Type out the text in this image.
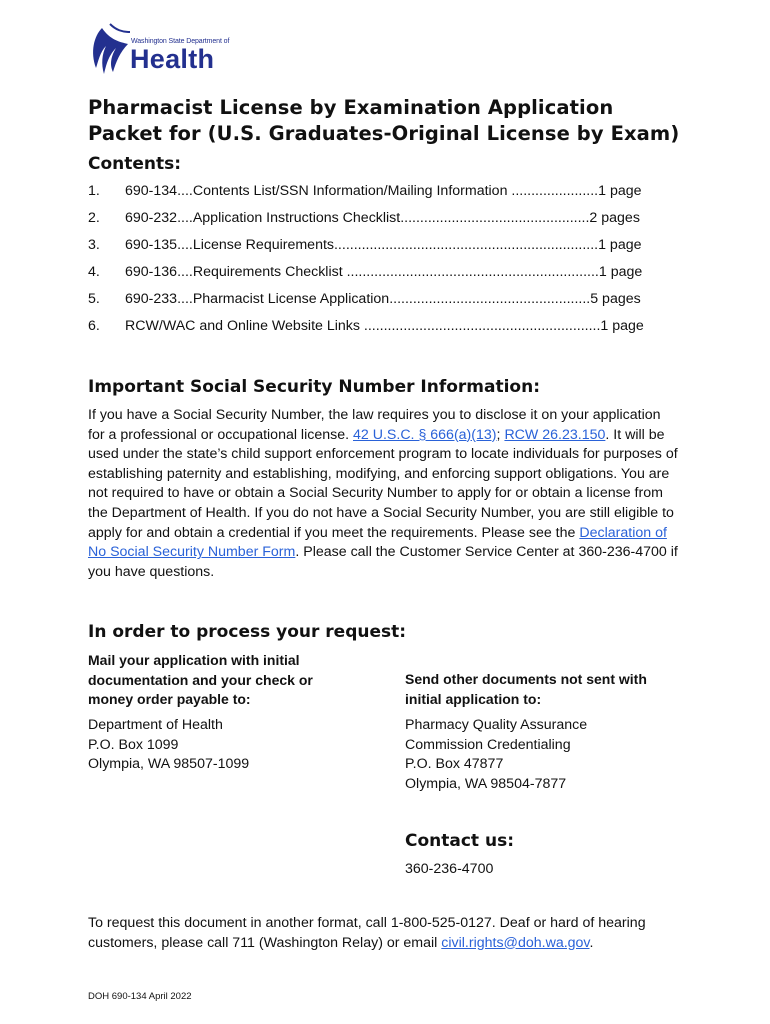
Washington State Department of
Health
Pharmacist License by Examination Application
Packet for (U.S. Graduates-Original License by Exam)
Contents:
1. 690-134....Contents List/SSN Information/Mailing Information ......................1 page
2. 690-232....Application Instructions Checklist................................................2 pages
3. 690-135....License Requirements...................................................................1 page
4. 690-136....Requirements Checklist ................................................................1 page
5. 690-233....Pharmacist License Application...................................................5 pages
6. RCW/WAC and Online Website Links ............................................................1 page
Important Social Security Number Information:
If you have a Social Security Number, the law requires you to disclose it on your application for a professional or occupational license. 42 U.S.C. § 666(a)(13); RCW 26.23.150. It will be used under the state’s child support enforcement program to locate individuals for purposes of establishing paternity and establishing, modifying, and enforcing support obligations. You are not required to have or obtain a Social Security Number to apply for or obtain a license from the Department of Health. If you do not have a Social Security Number, you are still eligible to apply for and obtain a credential if you meet the requirements. Please see the Declaration of No Social Security Number Form. Please call the Customer Service Center at 360-236-4700 if you have questions.
In order to process your request:
Mail your application with initial documentation and your check or money order payable to:
Department of Health
P.O. Box 1099
Olympia, WA 98507-1099
Send other documents not sent with initial application to:
Pharmacy Quality Assurance
Commission Credentialing
P.O. Box 47877
Olympia, WA 98504-7877
Contact us:
360-236-4700
To request this document in another format, call 1-800-525-0127. Deaf or hard of hearing customers, please call 711 (Washington Relay) or email civil.rights@doh.wa.gov.
DOH 690-134 April 2022
